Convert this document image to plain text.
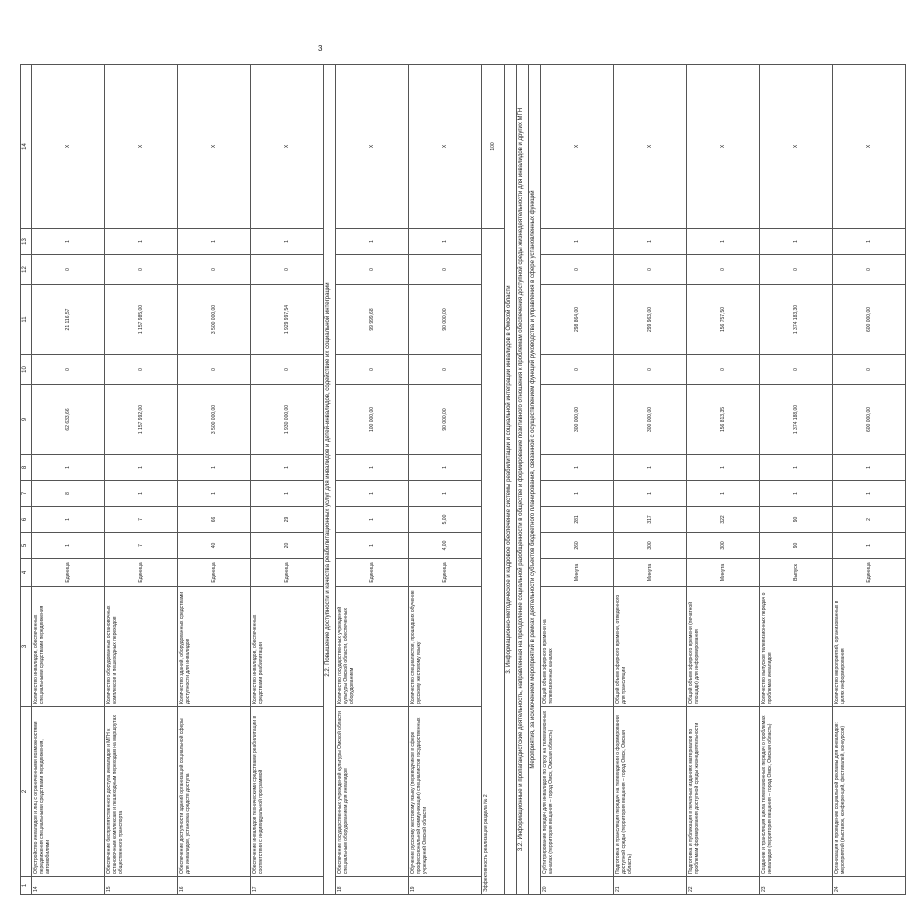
3
1	2	3	4	5	6	7	8	9	10	11	12	13	14
14	Обустройство инвалидов и лиц с ограниченными возможностями передвижения специальными средствами передвижения, автомобилями	Количество инвалидов, обеспеченных специальными средствами передвижения	Единица	1	1	8	1	62 633,66	0	21 116,57	0	1	Х
15	Обеспечение беспрепятственного доступа инвалидов и МГН к остановочным комплексам и пешеходным переходам на маршрутах общественного транспорта	Количество оборудованных остановочных комплексов и пешеходных переходов	Единица	7	7	1	1	1 157 992,00	0	1 157 985,00	0	1	Х
16	Обеспечение доступности зданий организаций социальной сферы для инвалидов, установка средств доступа	Количество зданий, оборудованных средствами доступности для инвалидов	Единица	40	66	1	1	3 500 000,00	0	3 500 000,00	0	1	Х
17	Обеспечение инвалидов техническими средствами реабилитации в соответствии с индивидуальной программой	Количество инвалидов, обеспеченных средствами реабилитации	Единица	20	29	1	1	1 930 000,00	0	1 929 997,54	0	1	Х
2.2. Повышение доступности и качества реабилитационных услуг для инвалидов и детей-инвалидов, содействие их социальной интеграции													
18	Обеспечение государственных учреждений культуры Омской области специальным оборудованием для инвалидов	Количество государственных учреждений культуры Омской области, обеспеченных оборудованием	Единица	1	1	1	1	100 000,00	0	99 999,68	0	1	Х
19	Обучение русскому жестовому языку (переводчиков в сфере профессиональной коммуникации) специалистов государственных учреждений Омской области	Количество специалистов, прошедших обучение русскому жестовому языку	Единица	4,00	5,00	1	1	90 000,00	0	90 000,00	0	1	Х
Эффективность реализации раздела № 2													100
3. Информационно-методическое и кадровое обеспечение системы реабилитации и социальной интеграции инвалидов в Омской области													
3.2. Информационные и пропагандистские деятельность, направленная на преодоление социальной разобщенности в обществе и формирование позитивного отношения к проблемам обеспечения доступной среды жизнедеятельности для инвалидов и других МГН													
Мероприятия, за исключением мероприятий в рамках деятельности субъектов бюджетного планирования, связанной с осуществлением функций руководства и управления в сфере установленных функций													
20	Субтитрирование передач для инвалидов по слуху на телевизионных каналах (территория вещания – город Омск, Омская область)	Общий объем эфирного времени на телевизионных каналах	Минута	260	281	1	1	300 000,00	0	298 864,00	0	1	Х
21	Подготовка и трансляция передач на телевидении о формировании доступной среды (территория вещания – город Омск, Омская область)	Общий объем эфирного времени, отведенного для трансляции	Минута	300	317	1	1	300 000,00	0	299 963,00	0	1	Х
22	Подготовка и публикация в печатных изданиях материалов по проблемам формирования доступной среды жизнедеятельности	Общий объем эфирного времени (печатной площади) для информирования	Минута	300	322	1	1	156 813,35	0	156 757,50	0	1	Х
23	Создание и трансляция цикла телевизионных передач о проблемах инвалидов (территория вещания – город Омск, Омская область)	Количество выпусков телевизионных передач о проблемах инвалидов	Выпуск	90	90	1	1	1 374 188,00	0	1 374 183,30	0	1	Х
24	Организация и проведение социальной рекламы для инвалидов: мероприятий (выставок, конференций, фестивалей, конкурсов)	Количество мероприятий, организованных в целях информирования	Единица	1	2	1	1	600 000,00	0	600 000,00	0	1	Х
